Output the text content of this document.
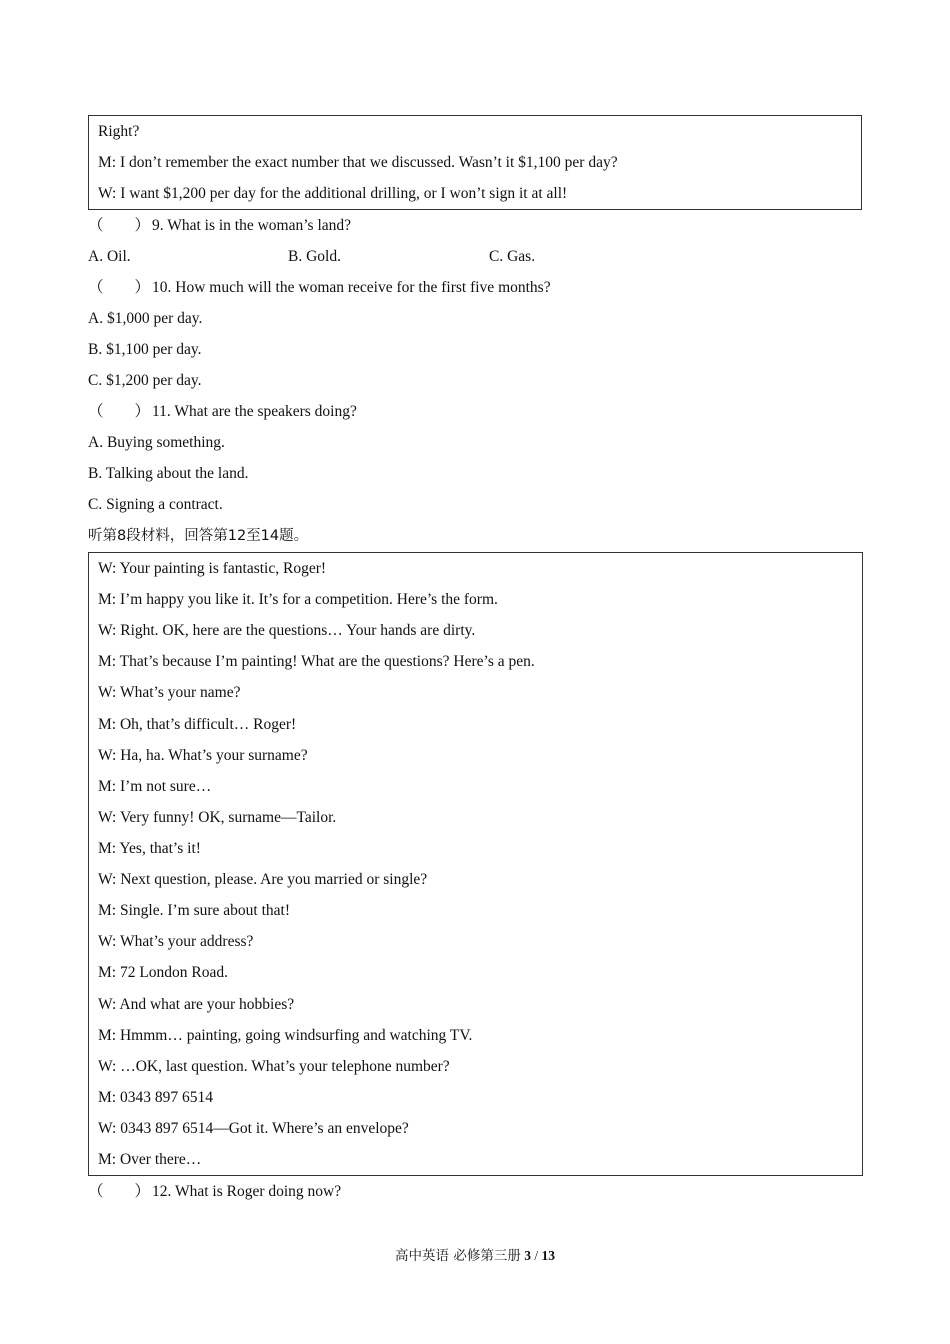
Right?
M: I don’t remember the exact number that we discussed. Wasn’t it $1,100 per day?
W: I want $1,200 per day for the additional drilling, or I won’t sign it at all!
（　　） 9. What is in the woman’s land?
A. Oil.	B. Gold.	C. Gas.
（　　） 10. How much will the woman receive for the first five months?
A. $1,000 per day.
B. $1,100 per day.
C. $1,200 per day.
（　　） 11. What are the speakers doing?
A. Buying something.
B. Talking about the land.
C. Signing a contract.
听第8段材料，回答第12至14题。
W: Your painting is fantastic, Roger!
M: I’m happy you like it. It’s for a competition. Here’s the form.
W: Right. OK, here are the questions… Your hands are dirty.
M: That’s because I’m painting! What are the questions? Here’s a pen.
W: What’s your name?
M: Oh, that’s difficult… Roger!
W: Ha, ha. What’s your surname?
M: I’m not sure…
W: Very funny! OK, surname—Tailor.
M: Yes, that’s it!
W: Next question, please. Are you married or single?
M: Single. I’m sure about that!
W: What’s your address?
M: 72 London Road.
W: And what are your hobbies?
M: Hmmm… painting, going windsurfing and watching TV.
W: …OK, last question. What’s your telephone number?
M: 0343 897 6514
W: 0343 897 6514—Got it. Where’s an envelope?
M: Over there…
（　　） 12. What is Roger doing now?
高中英语 必修第三册 3 / 13
